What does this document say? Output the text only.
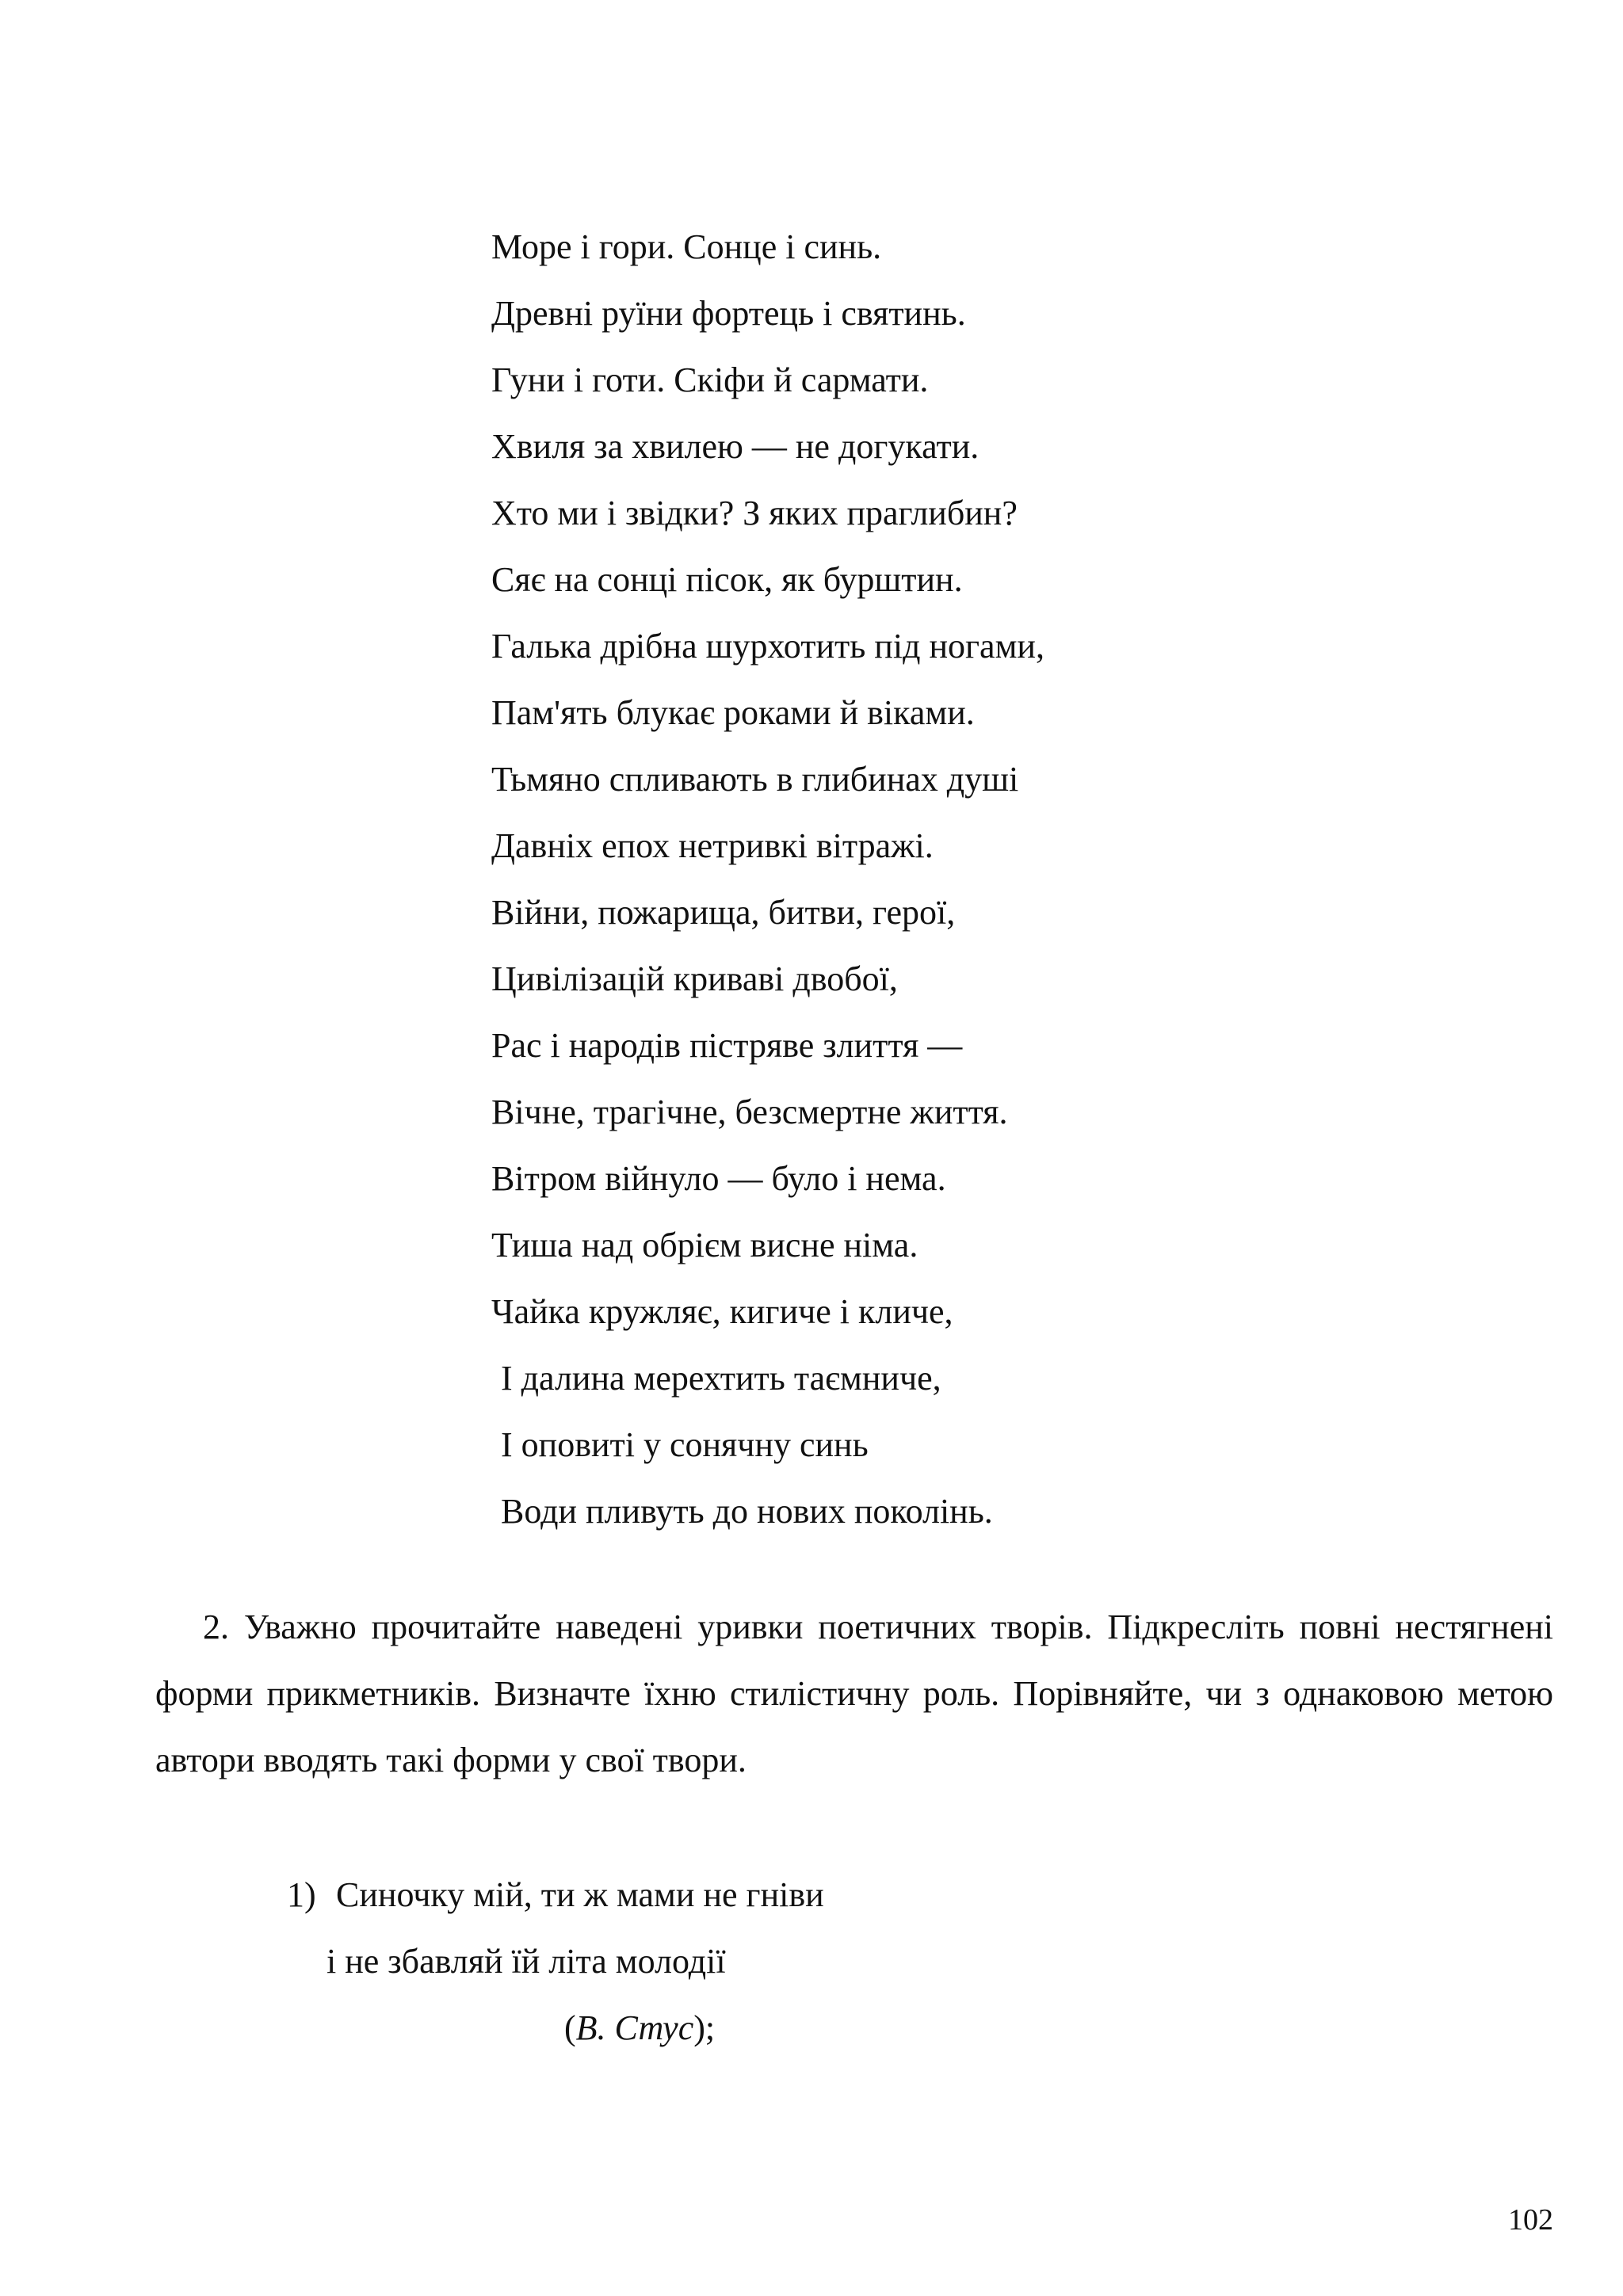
Море і гори. Сонце і синь.
Древні руїни фортець і святинь.
Гуни і готи. Скіфи й сармати.
Хвиля за хвилею — не догукати.
Хто ми і звідки? З яких праглибин?
Сяє на сонці пісок, як бурштин.
Галька дрібна шурхотить під ногами,
Пам'ять блукає роками й віками.
Тьмяно спливають в глибинах душі
Давніх епох нетривкі вітражі.
Війни, пожарища, битви, герої,
Цивілізацій криваві двобої,
Рас і народів пістряве злиття —
Вічне, трагічне, безсмертне життя.
Вітром війнуло — було і нема.
Тиша над обрієм висне німа.
Чайка кружляє, кигиче і кличе,
І далина мерехтить таємниче,
І оповиті у сонячну синь
Води пливуть до нових поколінь.
2. Уважно прочитайте наведені уривки поетичних творів. Підкресліть повні нестягнені форми прикметників. Визначте їхню стилістичну роль. Порівняйте, чи з однаковою метою автори вводять такі форми у свої твори.
1) Синочку мій, ти ж мами не гніви
і не збавляй їй літа молодії
(В. Стус);
102
